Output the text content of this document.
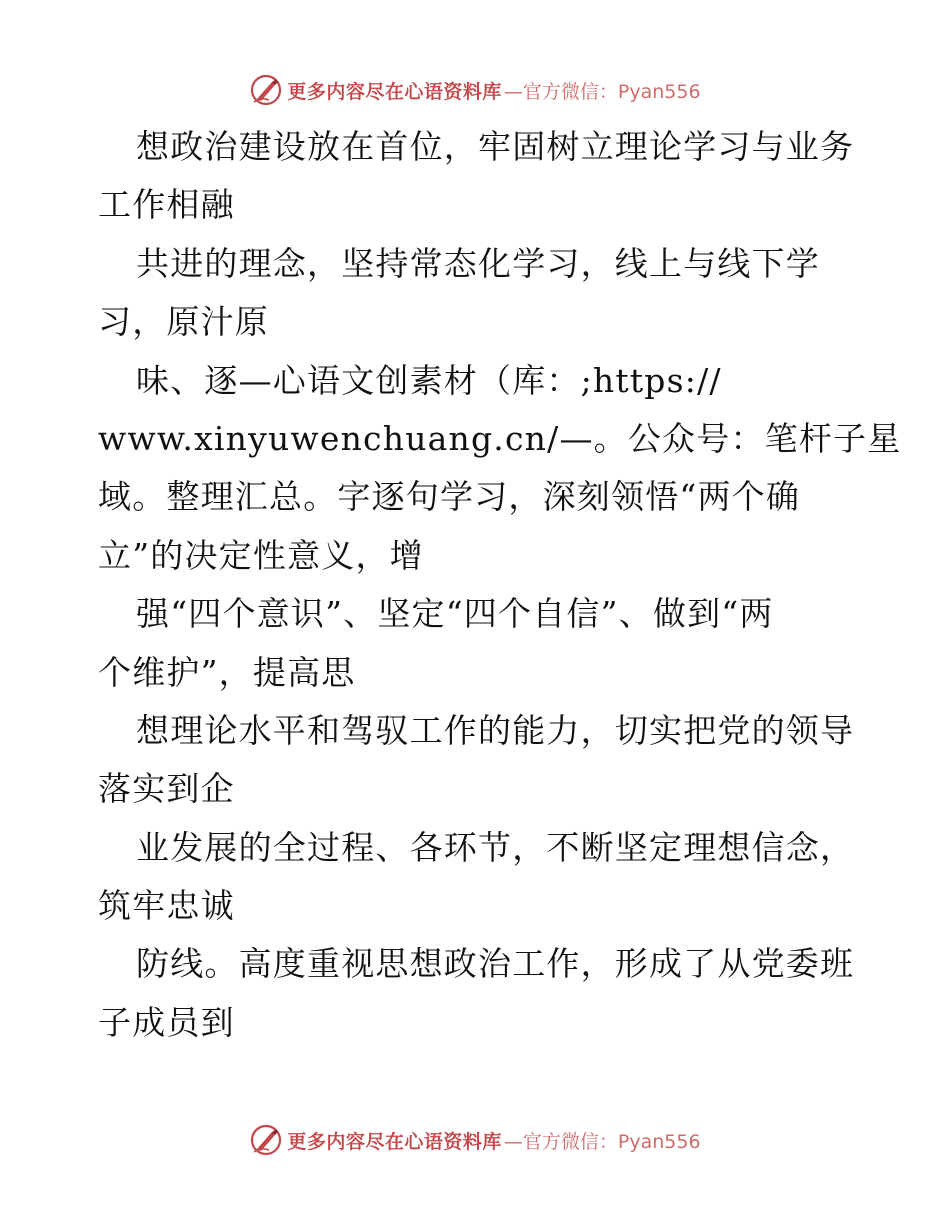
更多内容尽在心语资料库 —官方微信：Pyan556
想政治建设放在首位，牢固树立理论学习与业务
工作相融
共进的理念，坚持常态化学习，线上与线下学
习，原汁原
味、逐—心语文创素材（库：;https://
www.xinyuwenchuang.cn/—。公众号：笔杆子星
域。整理汇总。字逐句学习，深刻领悟“两个确
立”的决定性意义，增
强“四个意识”、坚定“四个自信”、做到“两
个维护”，提高思
想理论水平和驾驭工作的能力，切实把党的领导
落实到企
业发展的全过程、各环节，不断坚定理想信念，
筑牢忠诚
防线。高度重视思想政治工作，形成了从党委班
子成员到
更多内容尽在心语资料库 —官方微信：Pyan556
